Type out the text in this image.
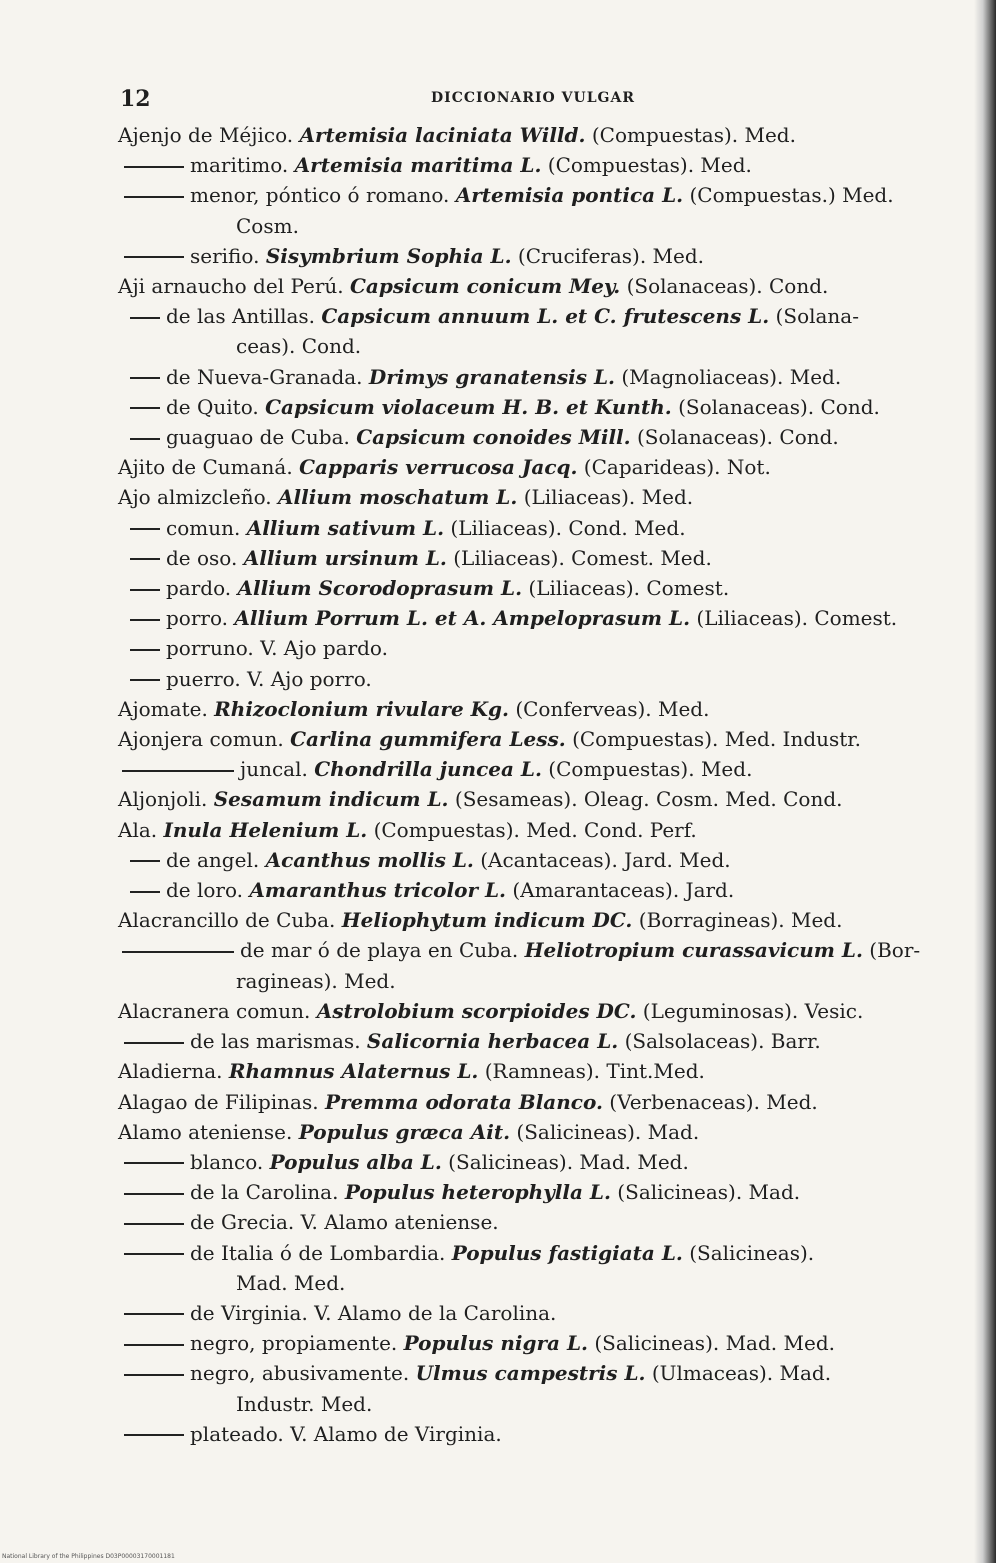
12	DICCIONARIO VULGAR

Ajenjo de Méjico. Artemisia laciniata Willd. (Compuestas). Med.

maritimo. Artemisia maritima L. (Compuestas). Med.

menor, póntico ó romano. Artemisia pontica L. (Compuestas.) Med.

Cosm.

serifio. Sisymbrium Sophia L. (Cruciferas). Med.

Aji arnaucho del Perú. Capsicum conicum Mey. (Solanaceas). Cond.

de las Antillas. Capsicum annuum L. et C. frutescens L. (Solana-

ceas). Cond.

de Nueva-Granada. Drimys granatensis L. (Magnoliaceas). Med.

de Quito. Capsicum violaceum H. B. et Kunth. (Solanaceas). Cond.

guaguao de Cuba. Capsicum conoides Mill. (Solanaceas). Cond.

Ajito de Cumaná. Capparis verrucosa Jacq. (Caparideas). Not.

Ajo almizcleño. Allium moschatum L. (Liliaceas). Med.

comun. Allium sativum L. (Liliaceas). Cond. Med.

de oso. Allium ursinum L. (Liliaceas). Comest. Med.

pardo. Allium Scorodoprasum L. (Liliaceas). Comest.

porro. Allium Porrum L. et A. Ampeloprasum L. (Liliaceas). Comest.

porruno. V. Ajo pardo.

puerro. V. Ajo porro.

Ajomate. Rhizoclonium rivulare Kg. (Conferveas). Med.

Ajonjera comun. Carlina gummifera Less. (Compuestas). Med. Industr.

juncal. Chondrilla juncea L. (Compuestas). Med.

Aljonjoli. Sesamum indicum L. (Sesameas). Oleag. Cosm. Med. Cond.

Ala. Inula Helenium L. (Compuestas). Med. Cond. Perf.

de angel. Acanthus mollis L. (Acantaceas). Jard. Med.

de loro. Amaranthus tricolor L. (Amarantaceas). Jard.

Alacrancillo de Cuba. Heliophytum indicum DC. (Borragineas). Med.

de mar ó de playa en Cuba. Heliotropium curassavicum L. (Bor-

ragineas). Med.

Alacranera comun. Astrolobium scorpioides DC. (Leguminosas). Vesic.

de las marismas. Salicornia herbacea L. (Salsolaceas). Barr.

Aladierna. Rhamnus Alaternus L. (Ramneas). Tint.Med.

Alagao de Filipinas. Premma odorata Blanco. (Verbenaceas). Med.

Alamo ateniense. Populus græca Ait. (Salicineas). Mad.

blanco. Populus alba L. (Salicineas). Mad. Med.

de la Carolina. Populus heterophylla L. (Salicineas). Mad.

de Grecia. V. Alamo ateniense.

de Italia ó de Lombardia. Populus fastigiata L. (Salicineas).

Mad. Med.

de Virginia. V. Alamo de la Carolina.

negro, propiamente. Populus nigra L. (Salicineas). Mad. Med.

negro, abusivamente. Ulmus campestris L. (Ulmaceas). Mad.

Industr. Med.

plateado. V. Alamo de Virginia.

National Library of the Philippines D03P00003170001181
